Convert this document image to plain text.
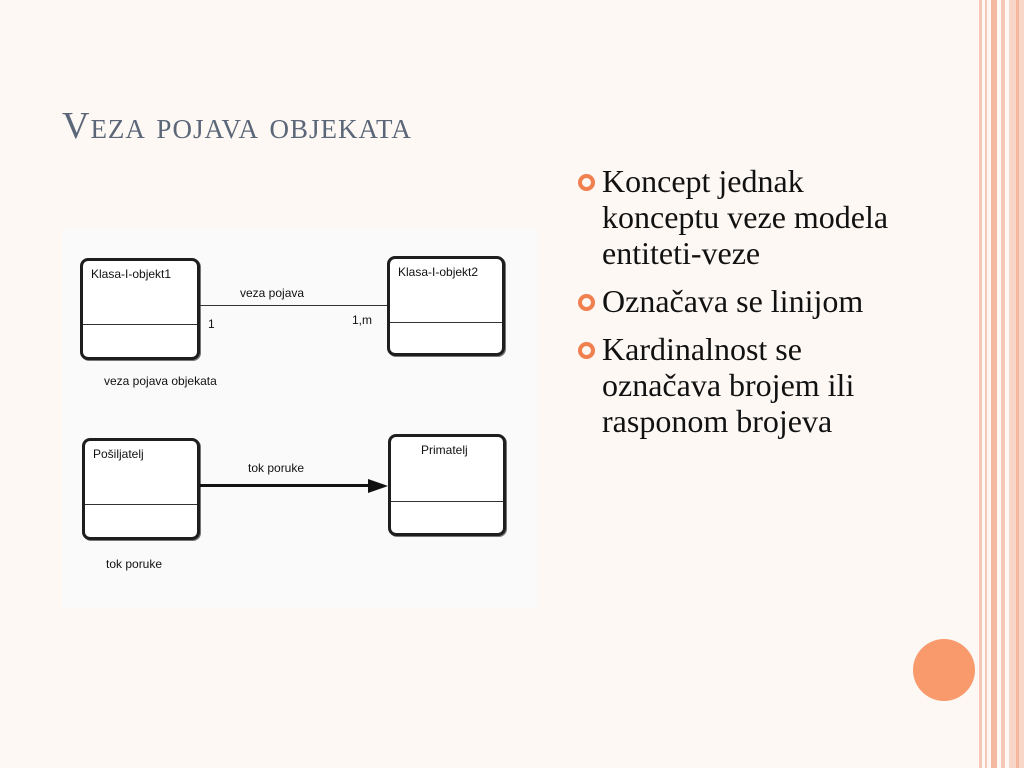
Veza pojava objekata
Klasa-I-objekt1	Klasa-I-objekt2
veza pojava
1	1,m
veza pojava objekata
Pošiljatelj	Primatelj
tok poruke
tok poruke
Koncept jednak konceptu veze modela entiteti-veze
Označava se linijom
Kardinalnost se označava brojem ili rasponom brojeva
